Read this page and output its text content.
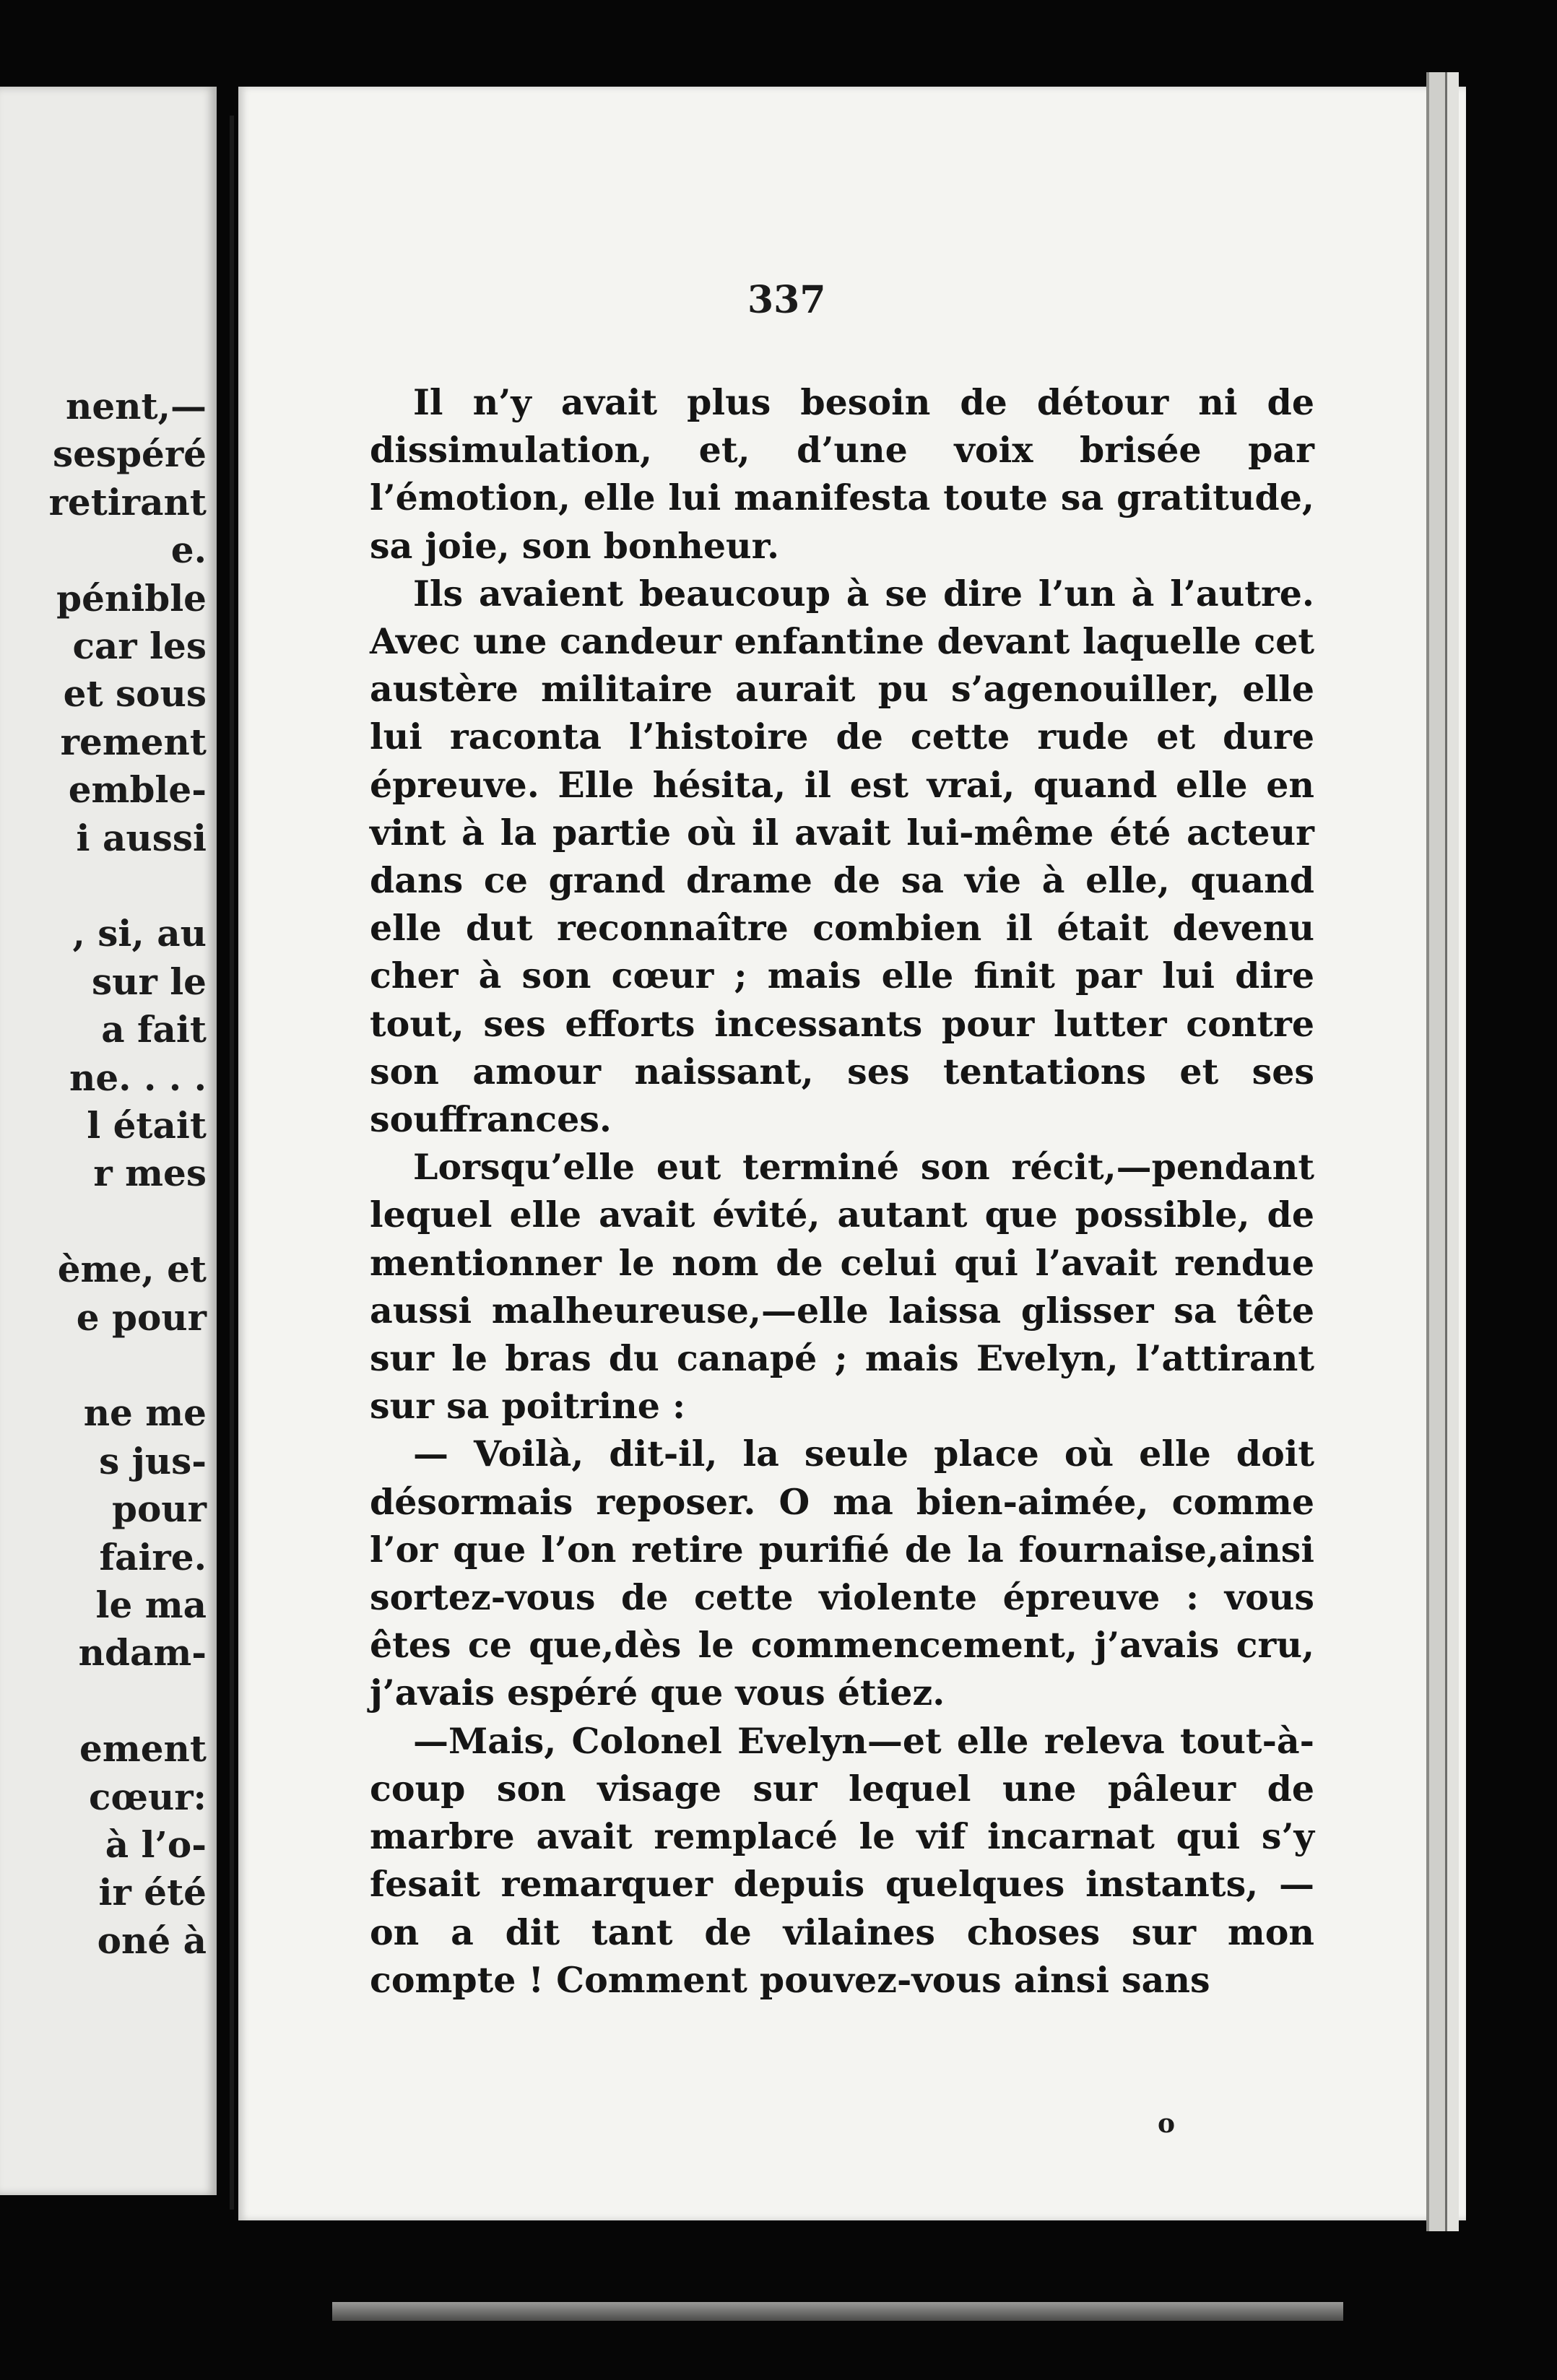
nent,—

sespéré

retirant

e.

pénible

car les

et sous

rement

emble-

i aussi

, si, au

sur le

a fait

ne. . . .

l était

r mes

ème, et

e pour

ne me

s jus-

pour

faire.

le ma

ndam-

ement

cœur:

à l’o-

ir été

oné à

337

Il n’y avait plus besoin de détour ni de dissimulation, et, d’une voix brisée par l’émotion, elle lui manifesta toute sa gratitude, sa joie, son bonheur.

Ils avaient beaucoup à se dire l’un à l’autre. Avec une candeur enfantine devant laquelle cet austère militaire aurait pu s’agenouiller, elle lui raconta l’histoire de cette rude et dure épreuve. Elle hésita, il est vrai, quand elle en vint à la partie où il avait lui-même été acteur dans ce grand drame de sa vie à elle, quand elle dut reconnaître combien il était devenu cher à son cœur ; mais elle finit par lui dire tout, ses efforts incessants pour lutter contre son amour naissant, ses tentations et ses souffrances.

Lorsqu’elle eut terminé son récit,—pendant lequel elle avait évité, autant que possible, de mentionner le nom de celui qui l’avait rendue aussi malheureuse,—elle laissa glisser sa tête sur le bras du canapé ; mais Evelyn, l’attirant sur sa poitrine :

— Voilà, dit-il, la seule place où elle doit désormais reposer. O ma bien-aimée, comme l’or que l’on retire purifié de la fournaise,ainsi sortez-vous de cette violente épreuve : vous êtes ce que,dès le commencement, j’avais cru, j’avais espéré que vous étiez.

—Mais, Colonel Evelyn—et elle releva tout-à-coup son visage sur lequel une pâleur de marbre avait remplacé le vif incarnat qui s’y fesait remarquer depuis quelques instants, —on a dit tant de vilaines choses sur mon compte ! Comment pouvez-vous ainsi sans

o
